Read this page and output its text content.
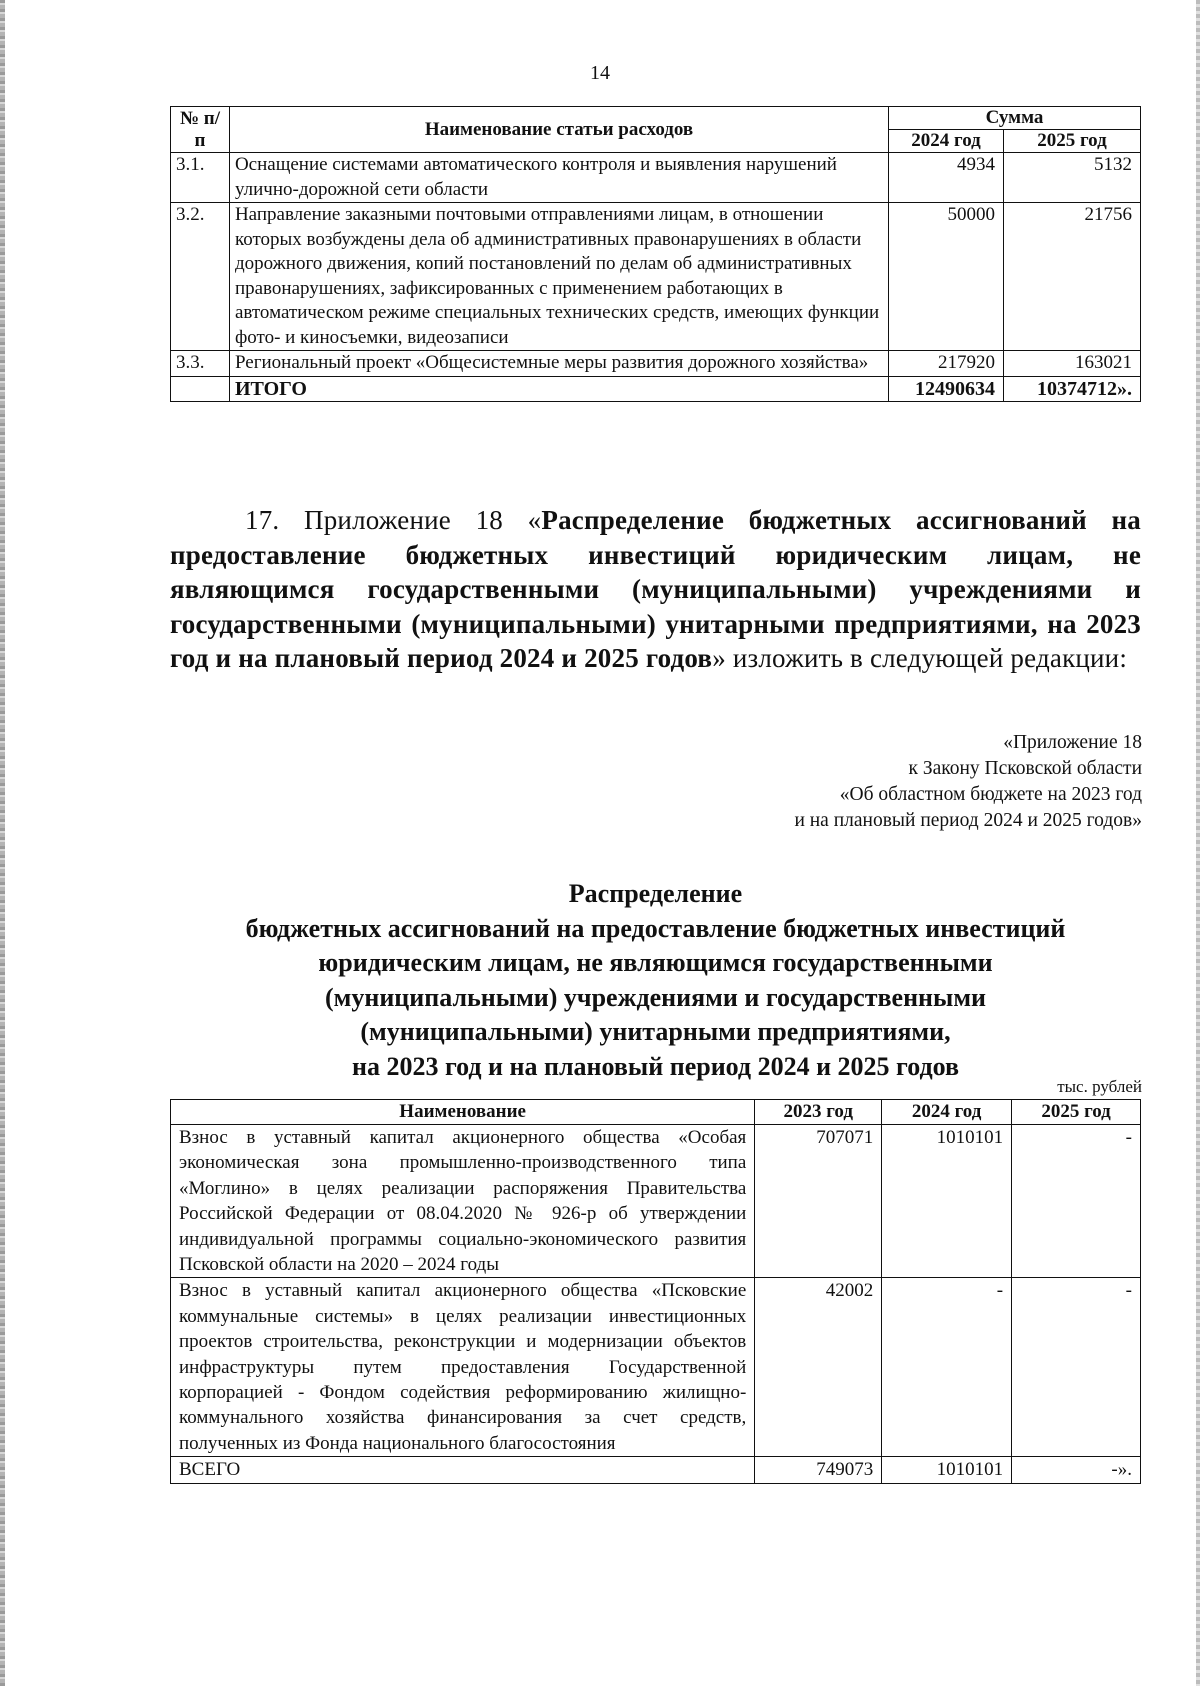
14
№ п/п	Наименование статьи расходов	Сумма	
		2024 год	2025 год
3.1.	Оснащение системами автоматического контроля и выявления нарушений улично-дорожной сети области	4934	5132
3.2.	Направление заказными почтовыми отправлениями лицам, в отношении которых возбуждены дела об административных правонарушениях в области дорожного движения, копий постановлений по делам об административных правонарушениях, зафиксированных с применением работающих в автоматическом режиме специальных технических средств, имеющих функции фото- и киносъемки, видеозаписи	50000	21756
3.3.	Региональный проект «Общесистемные меры развития дорожного хозяйства»	217920	163021
	ИТОГО	12490634	10374712».

17. Приложение 18 «Распределение бюджетных ассигнований на предоставление бюджетных инвестиций юридическим лицам, не являющимся государственными (муниципальными) учреждениями и государственными (муниципальными) унитарными предприятиями, на 2023 год и на плановый период 2024 и 2025 годов» изложить в следующей редакции:

«Приложение 18
к Закону Псковской области
«Об областном бюджете на 2023 год
и на плановый период 2024 и 2025 годов»
Распределение
бюджетных ассигнований на предоставление бюджетных инвестиций
юридическим лицам, не являющимся государственными
(муниципальными) учреждениями и государственными
(муниципальными) унитарными предприятиями,
на 2023 год и на плановый период 2024 и 2025 годов
тыс. рублей
Наименование	2023 год	2024 год	2025 год
Взнос в уставный капитал акционерного общества «Особая экономическая зона промышленно-производственного типа «Моглино» в целях реализации распоряжения Правительства Российской Федерации от 08.04.2020 № 926-р об утверждении индивидуальной программы социально-экономического развития Псковской области на 2020 – 2024 годы	707071	1010101	-
Взнос в уставный капитал акционерного общества «Псковские коммунальные системы» в целях реализации инвестиционных проектов строительства, реконструкции и модернизации объектов инфраструктуры путем предоставления Государственной корпорацией - Фондом содействия реформированию жилищно-коммунального хозяйства финансирования за счет средств, полученных из Фонда национального благосостояния	42002	-	-
ВСЕГО	749073	1010101	-».
